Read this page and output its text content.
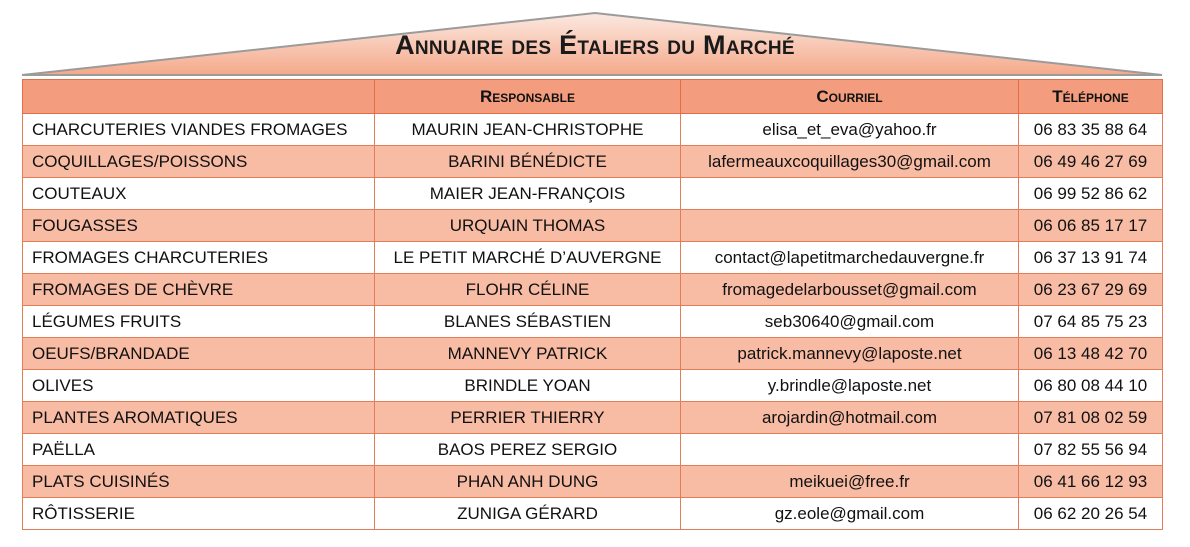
Annuaire des Étaliers du Marché
	Responsable	Courriel	Téléphone
CHARCUTERIES VIANDES FROMAGES	MAURIN JEAN-CHRISTOPHE	elisa_et_eva@yahoo.fr	06 83 35 88 64
COQUILLAGES/POISSONS	BARINI BÉNÉDICTE	lafermeauxcoquillages30@gmail.com	06 49 46 27 69
COUTEAUX	MAIER JEAN-FRANÇOIS		06 99 52 86 62
FOUGASSES	URQUAIN THOMAS		06 06 85 17 17
FROMAGES CHARCUTERIES	LE PETIT MARCHÉ D’AUVERGNE	contact@lapetitmarchedauvergne.fr	06 37 13 91 74
FROMAGES DE CHÈVRE	FLOHR CÉLINE	fromagedelarbousset@gmail.com	06 23 67 29 69
LÉGUMES FRUITS	BLANES SÉBASTIEN	seb30640@gmail.com	07 64 85 75 23
OEUFS/BRANDADE	MANNEVY PATRICK	patrick.mannevy@laposte.net	06 13 48 42 70
OLIVES	BRINDLE YOAN	y.brindle@laposte.net	06 80 08 44 10
PLANTES AROMATIQUES	PERRIER THIERRY	arojardin@hotmail.com	07 81 08 02 59
PAËLLA	BAOS PEREZ SERGIO		07 82 55 56 94
PLATS CUISINÉS	PHAN ANH DUNG	meikuei@free.fr	06 41 66 12 93
RÔTISSERIE	ZUNIGA GÉRARD	gz.eole@gmail.com	06 62 20 26 54
